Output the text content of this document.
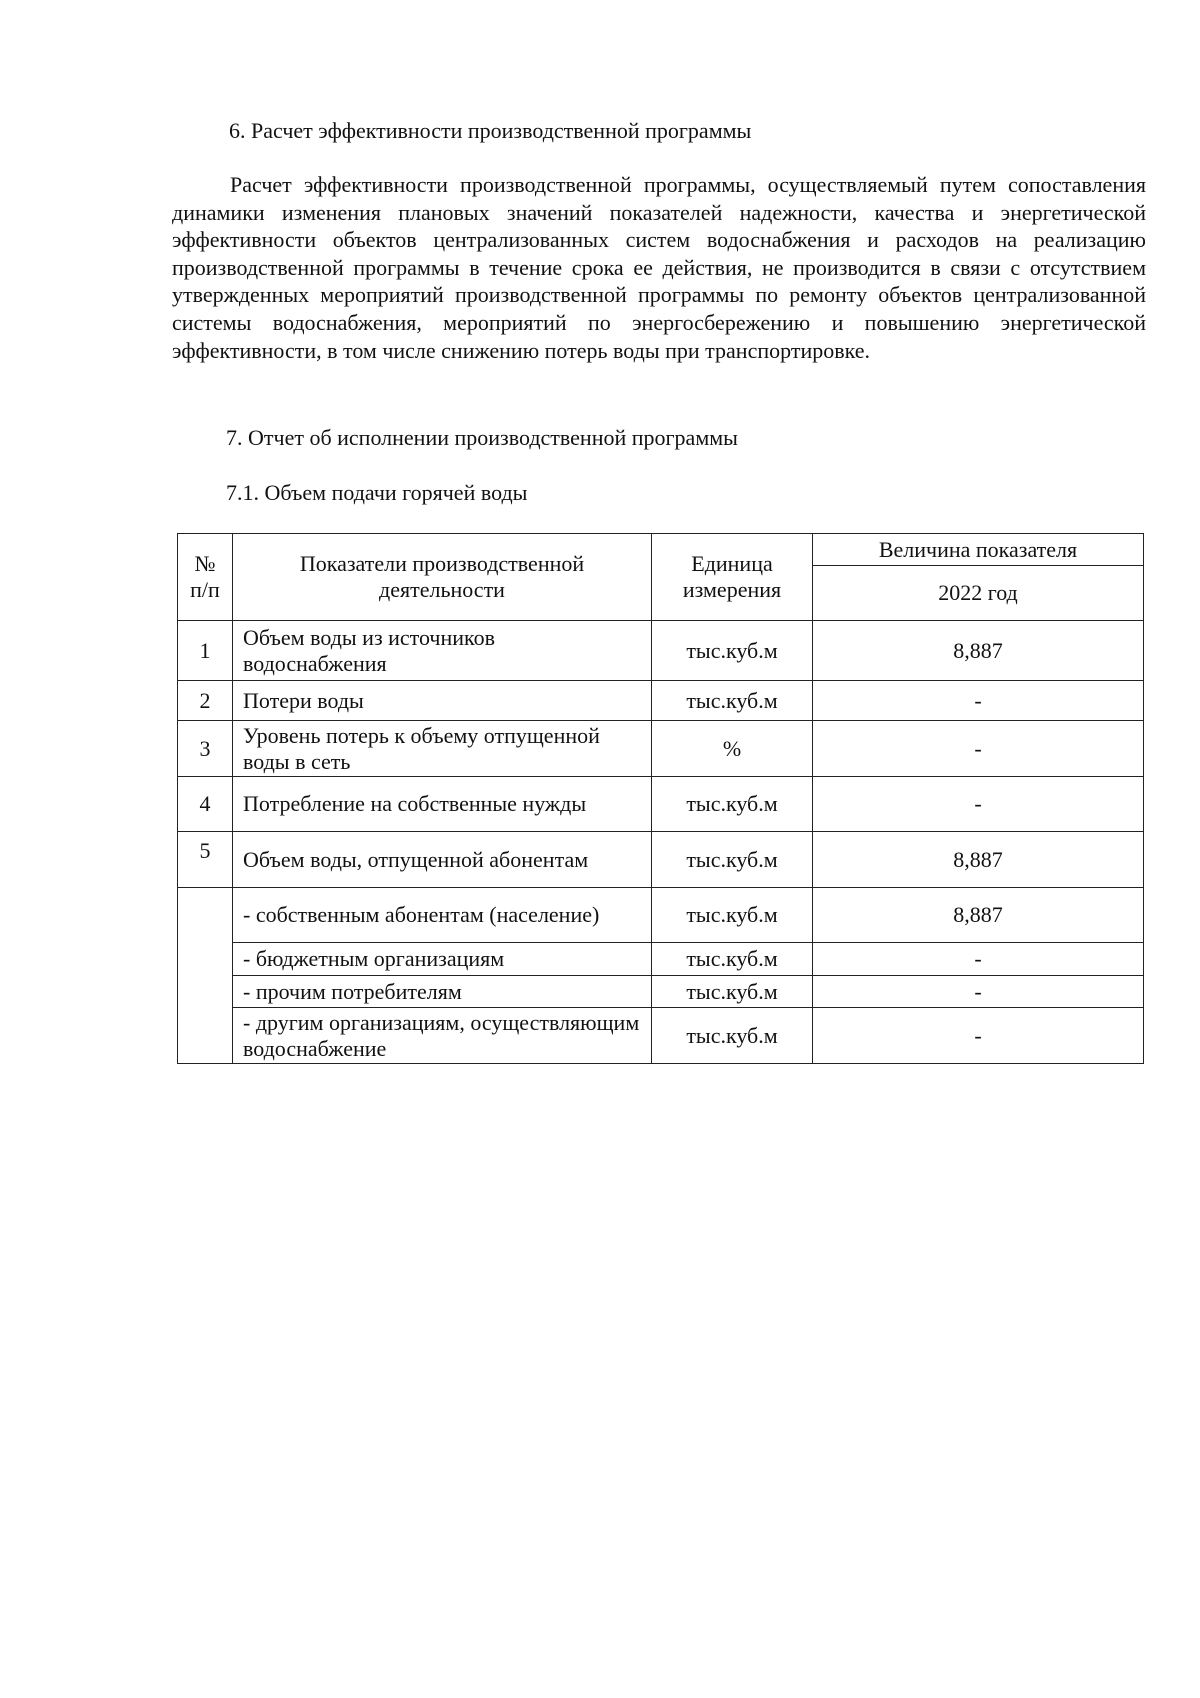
6. Расчет эффективности производственной программы

Расчет эффективности производственной программы, осуществляемый путем сопоставления динамики изменения плановых значений показателей надежности, качества и энергетической эффективности объектов централизованных систем водоснабжения и расходов на реализацию производственной программы в течение срока ее действия, не производится в связи с отсутствием утвержденных мероприятий производственной программы по ремонту объектов централизованной системы водоснабжения, мероприятий по энергосбережению и повышению энергетической эффективности, в том числе снижению потерь воды при транспортировке.

7. Отчет об исполнении производственной программы
7.1. Объем подачи горячей воды
№ п/п	Показатели производственной деятельности	Единица измерения	Величина показателя
			2022 год
1	Объем воды из источников водоснабжения	тыс.куб.м	8,887
2	Потери воды	тыс.куб.м	-
3	Уровень потерь к объему отпущенной воды в сеть	%	-
4	Потребление на собственные нужды	тыс.куб.м	-
5	Объем воды, отпущенной абонентам	тыс.куб.м	8,887
	- собственным абонентам (население)	тыс.куб.м	8,887
	- бюджетным организациям	тыс.куб.м	-
	- прочим потребителям	тыс.куб.м	-
	- другим организациям, осуществляющим водоснабжение	тыс.куб.м	-
